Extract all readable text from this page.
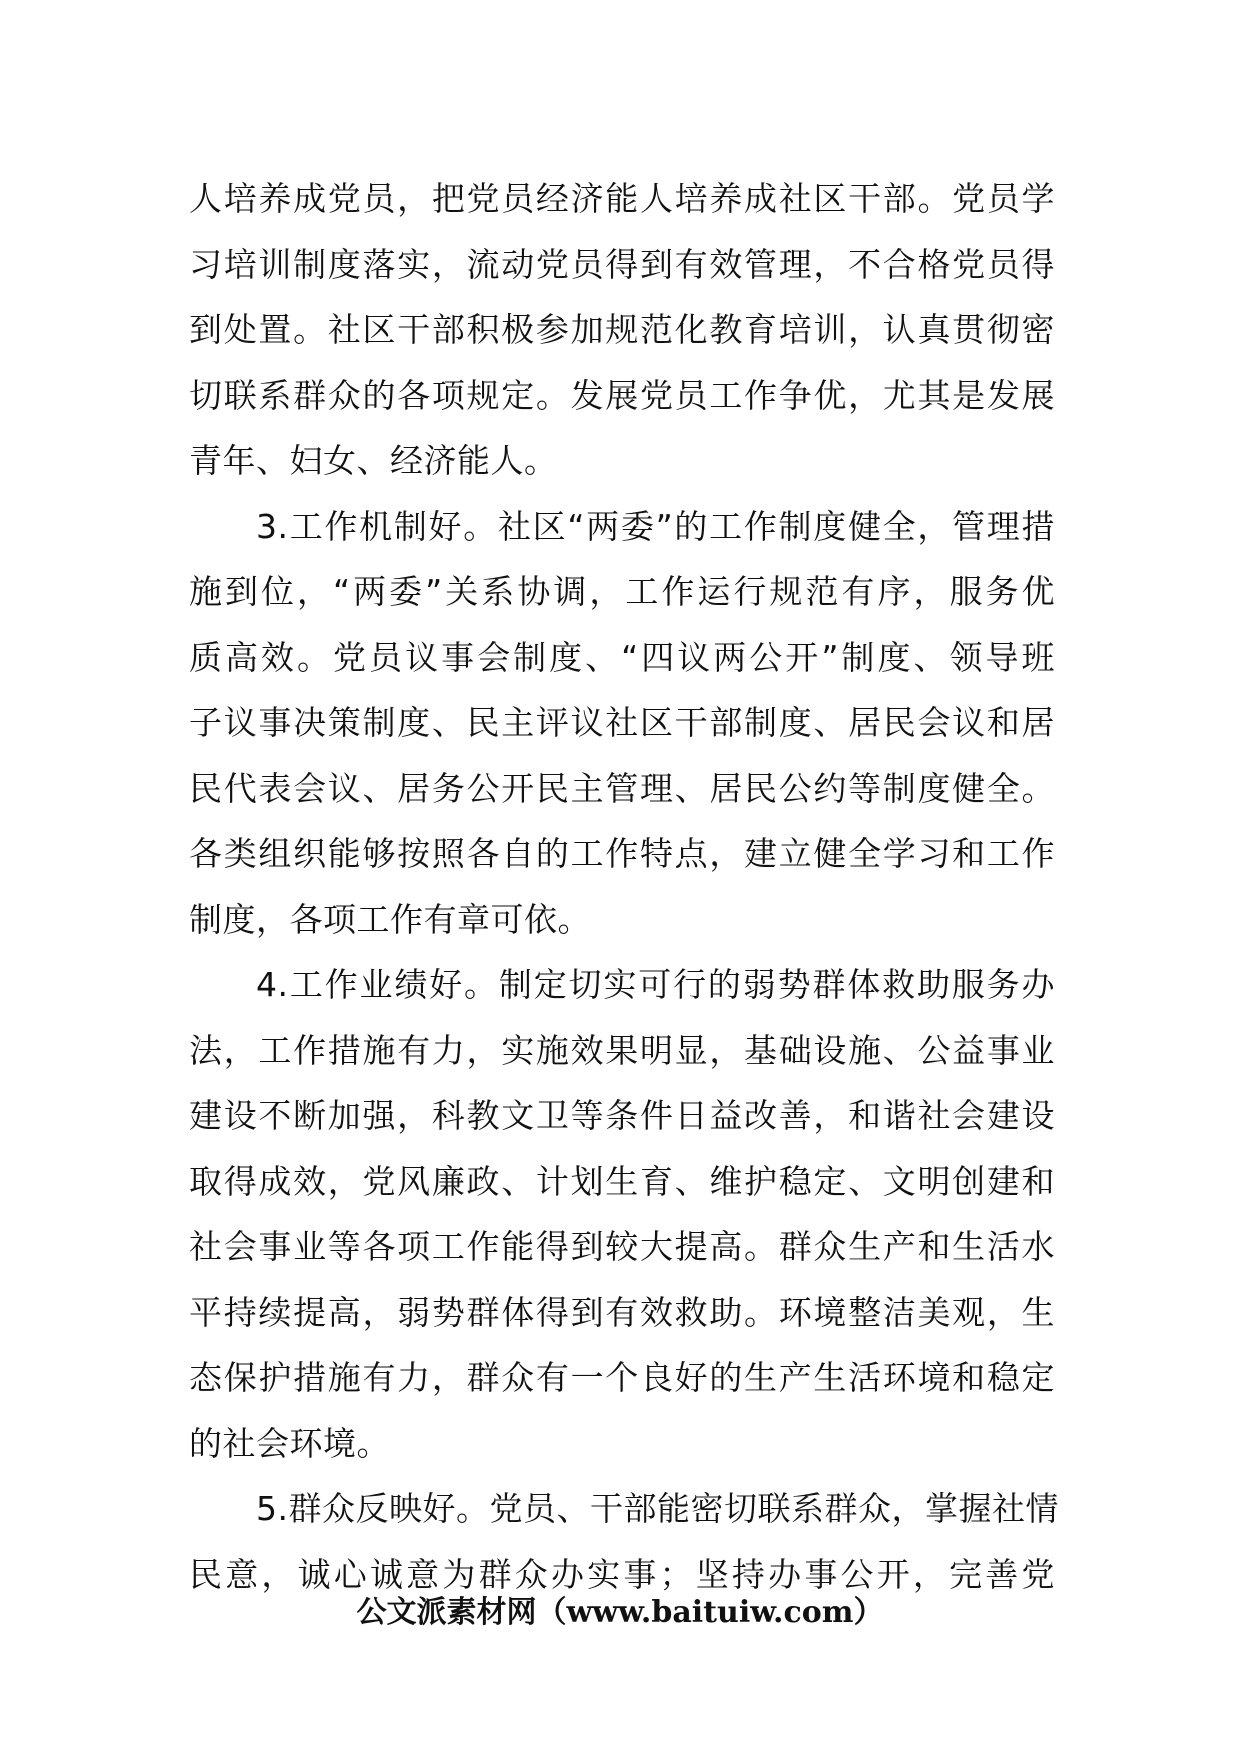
人培养成党员，把党员经济能人培养成社区干部。党员学
习培训制度落实，流动党员得到有效管理，不合格党员得
到处置。社区干部积极参加规范化教育培训，认真贯彻密
切联系群众的各项规定。发展党员工作争优，尤其是发展
青年、妇女、经济能人。
3.工作机制好。社区“两委”的工作制度健全，管理措
施到位，“两委”关系协调，工作运行规范有序，服务优
质高效。党员议事会制度、“四议两公开”制度、领导班
子议事决策制度、民主评议社区干部制度、居民会议和居
民代表会议、居务公开民主管理、居民公约等制度健全。
各类组织能够按照各自的工作特点，建立健全学习和工作
制度，各项工作有章可依。
4.工作业绩好。制定切实可行的弱势群体救助服务办
法，工作措施有力，实施效果明显，基础设施、公益事业
建设不断加强，科教文卫等条件日益改善，和谐社会建设
取得成效，党风廉政、计划生育、维护稳定、文明创建和
社会事业等各项工作能得到较大提高。群众生产和生活水
平持续提高，弱势群体得到有效救助。环境整洁美观，生
态保护措施有力，群众有一个良好的生产生活环境和稳定
的社会环境。
5.群众反映好。党员、干部能密切联系群众，掌握社情
民意，诚心诚意为群众办实事；坚持办事公开，完善党
公文派素材网（www.baituiw.com）
